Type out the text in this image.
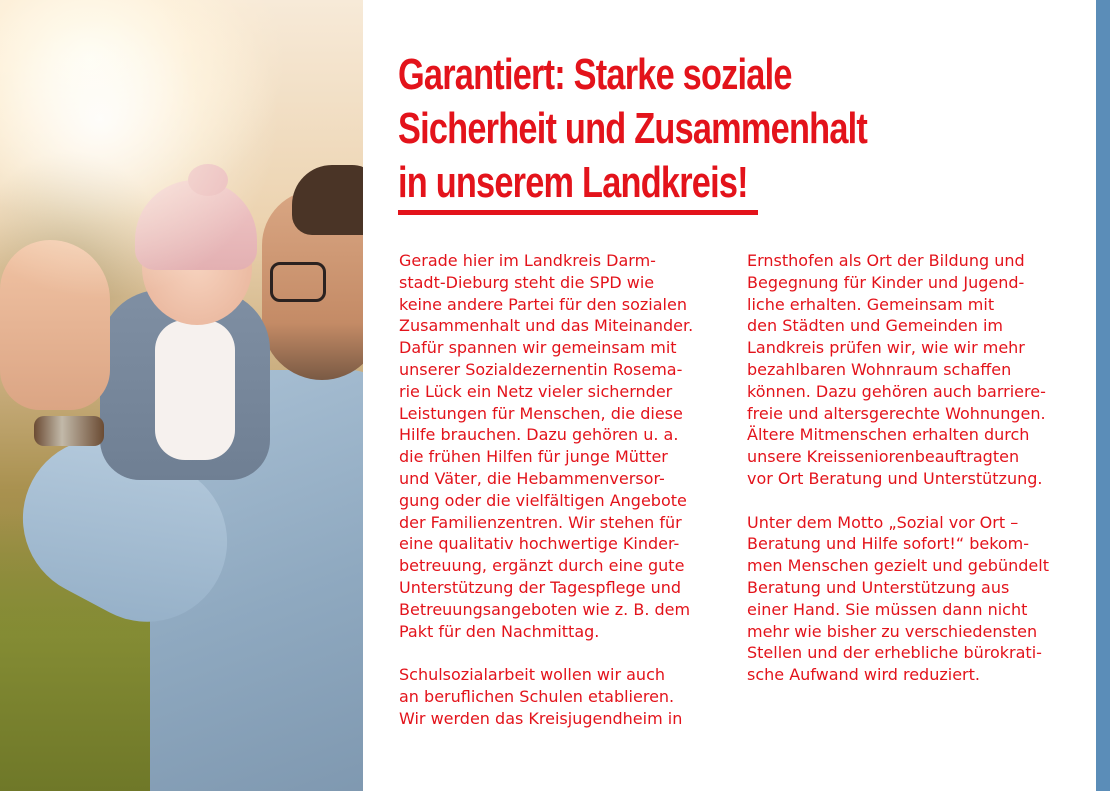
Garantiert: Starke soziale
Sicherheit und Zusammenhalt
in unserem Landkreis!

Gerade hier im Landkreis Darm-
stadt-Dieburg steht die SPD wie
keine andere Partei für den sozialen
Zusammenhalt und das Miteinander.
Dafür spannen wir gemeinsam mit
unserer Sozialdezernentin Rosema-
rie Lück ein Netz vieler sichernder
Leistungen für Menschen, die diese
Hilfe brauchen. Dazu gehören u. a.
die frühen Hilfen für junge Mütter
und Väter, die Hebammenversor-
gung oder die vielfältigen Angebote
der Familienzentren. Wir stehen für
eine qualitativ hochwertige Kinder-
betreuung, ergänzt durch eine gute
Unterstützung der Tagespflege und
Betreuungsangeboten wie z. B. dem
Pakt für den Nachmittag.

Schulsozialarbeit wollen wir auch
an beruflichen Schulen etablieren.
Wir werden das Kreisjugendheim in

Ernsthofen als Ort der Bildung und
Begegnung für Kinder und Jugend-
liche erhalten. Gemeinsam mit
den Städten und Gemeinden im
Landkreis prüfen wir, wie wir mehr
bezahlbaren Wohnraum schaffen
können. Dazu gehören auch barriere-
freie und altersgerechte Wohnungen.
Ältere Mitmenschen erhalten durch
unsere Kreisseniorenbeauftragten
vor Ort Beratung und Unterstützung.

Unter dem Motto „Sozial vor Ort –
Beratung und Hilfe sofort!“ bekom-
men Menschen gezielt und gebündelt
Beratung und Unterstützung aus
einer Hand. Sie müssen dann nicht
mehr wie bisher zu verschiedensten
Stellen und der erhebliche bürokrati-
sche Aufwand wird reduziert.
